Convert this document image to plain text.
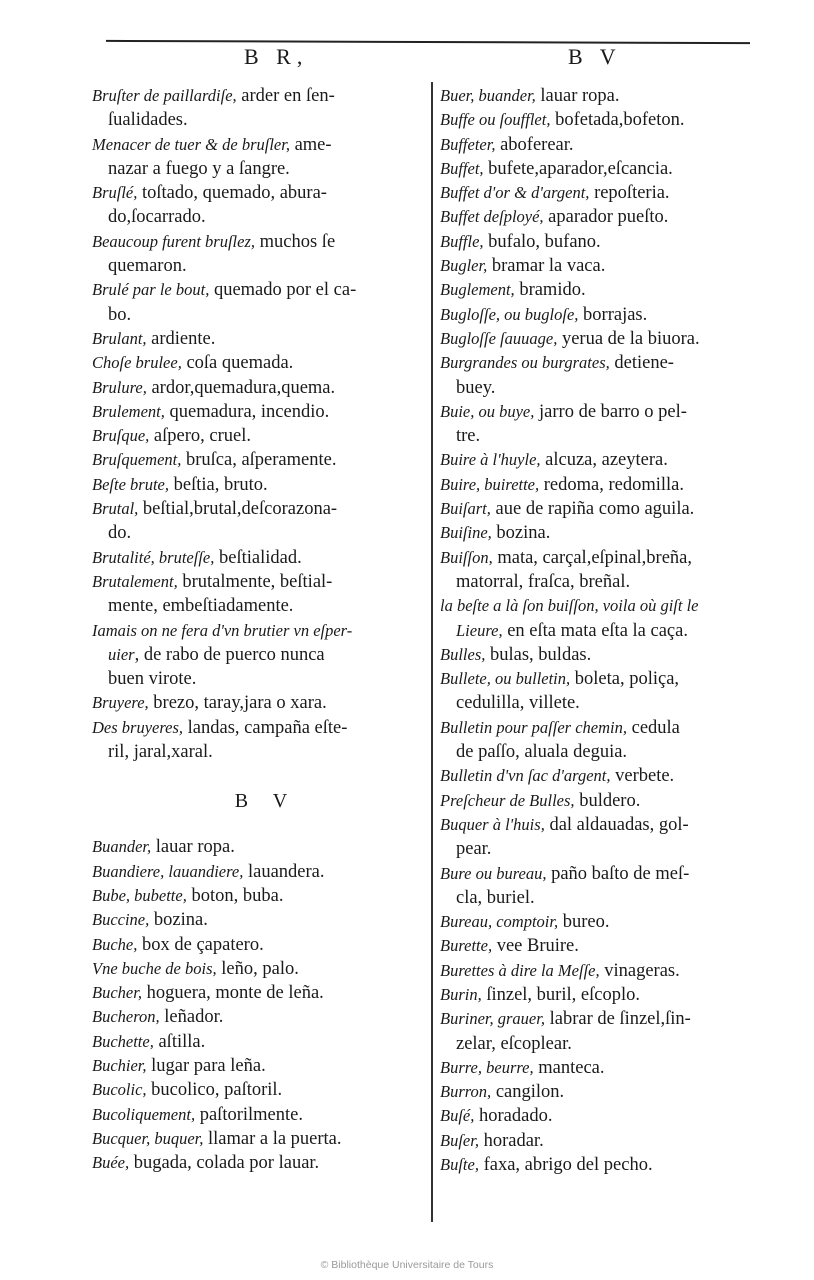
B R,	B V
Bruſter de paillardiſe, arder en ſen-
ſualidades.
Menacer de tuer & de bruſler, ame-
nazar a fuego y a ſangre.
Bruſlé, toſtado, quemado, abura-
do,ſocarrado.
Beaucoup furent bruſlez, muchos ſe
quemaron.
Brulé par le bout, quemado por el ca-
bo.
Brulant, ardiente.
Choſe brulee, coſa quemada.
Brulure, ardor,quemadura,quema.
Brulement, quemadura, incendio.
Bruſque, aſpero, cruel.
Bruſquement, bruſca, aſperamente.
Beſte brute, beſtia, bruto.
Brutal, beſtial,brutal,deſcorazona-
do.
Brutalité, bruteſſe, beſtialidad.
Brutalement, brutalmente, beſtial-
mente, embeſtiadamente.
Iamais on ne fera d'vn brutier vn eſper-
uier, de rabo de puerco nunca
buen virote.
Bruyere, brezo, taray,jara o xara.
Des bruyeres, landas, campaña eſte-
ril, jaral,xaral.
B V
Buander, lauar ropa.
Buandiere, lauandiere, lauandera.
Bube, bubette, boton, buba.
Buccine, bozina.
Buche, box de çapatero.
Vne buche de bois, leño, palo.
Bucher, hoguera, monte de leña.
Bucheron, leñador.
Buchette, aſtilla.
Buchier, lugar para leña.
Bucolic, bucolico, paſtoril.
Bucoliquement, paſtorilmente.
Bucquer, buquer, llamar a la puerta.
Buée, bugada, colada por lauar.
Buer, buander, lauar ropa.
Buffe ou ſoufflet, bofetada,bofeton.
Buffeter, aboferear.
Buffet, bufete,aparador,eſcancia.
Buffet d'or & d'argent, repoſteria.
Buffet deſployé, aparador pueſto.
Buffle, bufalo, bufano.
Bugler, bramar la vaca.
Buglement, bramido.
Bugloſſe, ou bugloſe, borrajas.
Bugloſſe ſauuage, yerua de la biuora.
Burgrandes ou burgrates, detiene-
buey.
Buie, ou buye, jarro de barro o pel-
tre.
Buire à l'huyle, alcuza, azeytera.
Buire, buirette, redoma, redomilla.
Buiſart, aue de rapiña como aguila.
Buiſine, bozina.
Buiſſon, mata, carçal,eſpinal,breña,
matorral, fraſca, breñal.
la beſte a là ſon buiſſon, voila où giſt le
Lieure, en eſta mata eſta la caça.
Bulles, bulas, buldas.
Bullete, ou bulletin, boleta, poliça,
cedulilla, villete.
Bulletin pour paſſer chemin, cedula
de paſſo, aluala deguia.
Bulletin d'vn ſac d'argent, verbete.
Preſcheur de Bulles, buldero.
Buquer à l'huis, dal aldauadas, gol-
pear.
Bure ou bureau, paño baſto de meſ-
cla, buriel.
Bureau, comptoir, bureo.
Burette, vee Bruire.
Burettes à dire la Meſſe, vinageras.
Burin, ſinzel, buril, eſcoplo.
Buriner, grauer, labrar de ſinzel,ſin-
zelar, eſcoplear.
Burre, beurre, manteca.
Burron, cangilon.
Buſé, horadado.
Buſer, horadar.
Buſte, faxa, abrigo del pecho.
© Bibliothèque Universitaire de Tours
